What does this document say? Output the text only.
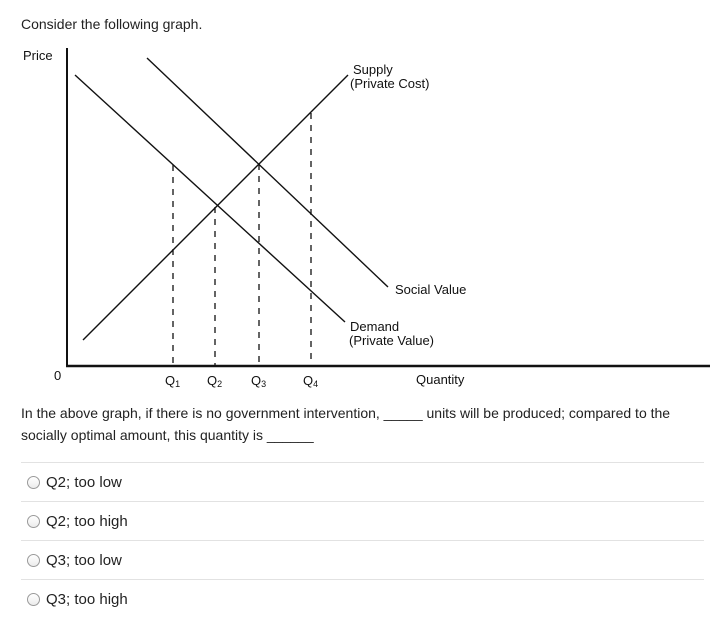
Consider the following graph.
Price
Supply
(Private Cost)
Social Value
Demand
(Private Value)
0	Quantity
Q1 Q2 Q3	Q4
In the above graph, if there is no government intervention, _____ units will be produced; compared to the socially optimal amount, this quantity is ______
Q2; too low
Q2; too high
Q3; too low
Q3; too high
